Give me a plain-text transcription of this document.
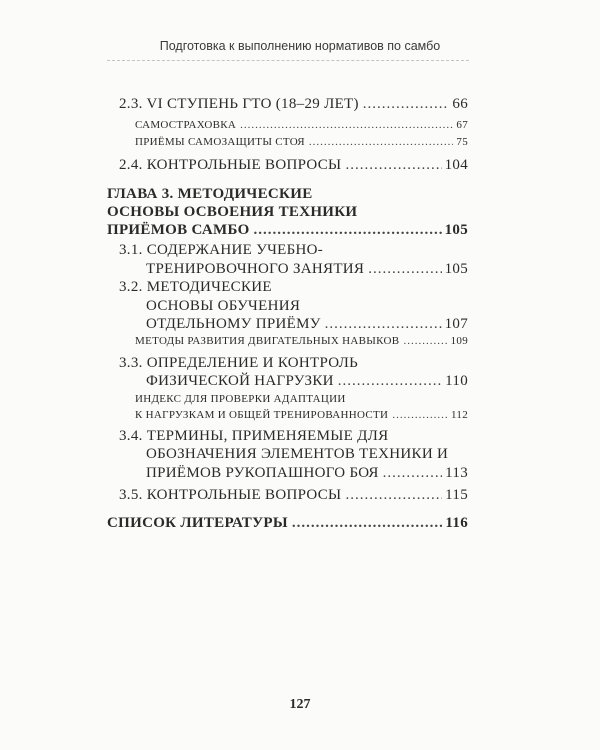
Подготовка к выполнению нормативов по самбо
2.3. VI СТУПЕНЬ ГТО (18–29 ЛЕТ) .....	66
САМОСТРАХОВКА .....	67
ПРИЁМЫ САМОЗАЩИТЫ СТОЯ .....	75
2.4. КОНТРОЛЬНЫЕ ВОПРОСЫ .....	104
ГЛАВА 3. МЕТОДИЧЕСКИЕ
ОСНОВЫ ОСВОЕНИЯ ТЕХНИКИ
ПРИЁМОВ САМБО .....	105
3.1. СОДЕРЖАНИЕ УЧЕБНО-
ТРЕНИРОВОЧНОГО ЗАНЯТИЯ .....	105
3.2. МЕТОДИЧЕСКИЕ
ОСНОВЫ ОБУЧЕНИЯ
ОТДЕЛЬНОМУ ПРИЁМУ .....	107
МЕТОДЫ РАЗВИТИЯ ДВИГАТЕЛЬНЫХ НАВЫКОВ .....	109
3.3. ОПРЕДЕЛЕНИЕ И КОНТРОЛЬ
ФИЗИЧЕСКОЙ НАГРУЗКИ .....	110
ИНДЕКС ДЛЯ ПРОВЕРКИ АДАПТАЦИИ
К НАГРУЗКАМ И ОБЩЕЙ ТРЕНИРОВАННОСТИ .....	112
3.4. ТЕРМИНЫ, ПРИМЕНЯЕМЫЕ ДЛЯ
ОБОЗНАЧЕНИЯ ЭЛЕМЕНТОВ ТЕХНИКИ И
ПРИЁМОВ РУКОПАШНОГО БОЯ .....	113
3.5. КОНТРОЛЬНЫЕ ВОПРОСЫ .....	115
СПИСОК ЛИТЕРАТУРЫ .....	116
127
